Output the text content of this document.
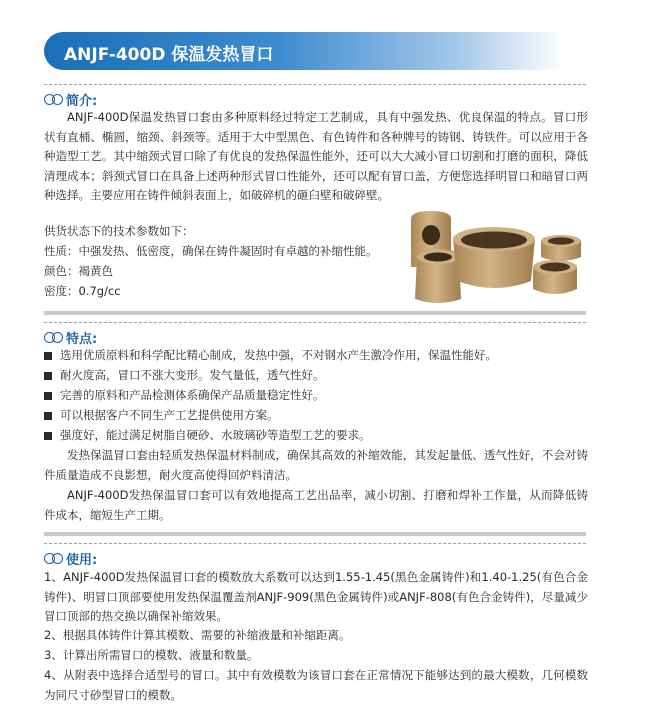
ANJF-400D 保温发热冒口
简介:
ANJF-400D保温发热冒口套由多种原料经过特定工艺制成，具有中强发热、优良保温的特点。冒口形状有直桶、椭圆，缩颈、斜颈等。适用于大中型黑色、有色铸件和各种牌号的铸钢、铸铁件。可以应用于各种造型工艺。其中缩颈式冒口除了有优良的发热保温性能外，还可以大大减小冒口切割和打磨的面积，降低清理成本；斜颈式冒口在具备上述两种形式冒口性能外，还可以配有冒口盖，方便您选择明冒口和暗冒口两种选择。主要应用在铸件倾斜表面上，如破碎机的砸臼壁和破碎壁。
供货状态下的技术参数如下：
性质：中强发热、低密度，确保在铸件凝固时有卓越的补缩性能。
颜色：褐黄色
密度：0.7g/cc
特点:
选用优质原料和科学配比精心制成，发热中强，不对钢水产生激冷作用，保温性能好。
耐火度高，冒口不涨大变形。发气量低，透气性好。
完善的原料和产品检测体系确保产品质量稳定性好。
可以根据客户不同生产工艺提供使用方案。
强度好，能过满足树脂自硬砂、水玻璃砂等造型工艺的要求。
发热保温冒口套由轻质发热保温材料制成，确保其高效的补缩效能，其发起量低、透气性好，不会对铸件质量造成不良影想，耐火度高使得回炉料清洁。
ANJF-400D发热保温冒口套可以有效地提高工艺出品率，减小切割、打磨和焊补工作量，从而降低铸件成本，缩短生产工期。
使用:
1、ANJF-400D发热保温冒口套的模数放大系数可以达到1.55-1.45(黑色金属铸件)和1.40-1.25(有色合金铸件)、明冒口顶部要使用发热保温覆盖剂ANJF-909(黑色金属铸件)或ANJF-808(有色合金铸件)，尽量减少冒口顶部的热交换以确保补缩效果。
2、根据具体铸件计算其模数、需要的补缩液量和补缩距离。
3、计算出所需冒口的模数、液量和数量。
4、从附表中选择合适型号的冒口。其中有效模数为该冒口套在正常情况下能够达到的最大模数，几何模数为同尺寸砂型冒口的模数。
